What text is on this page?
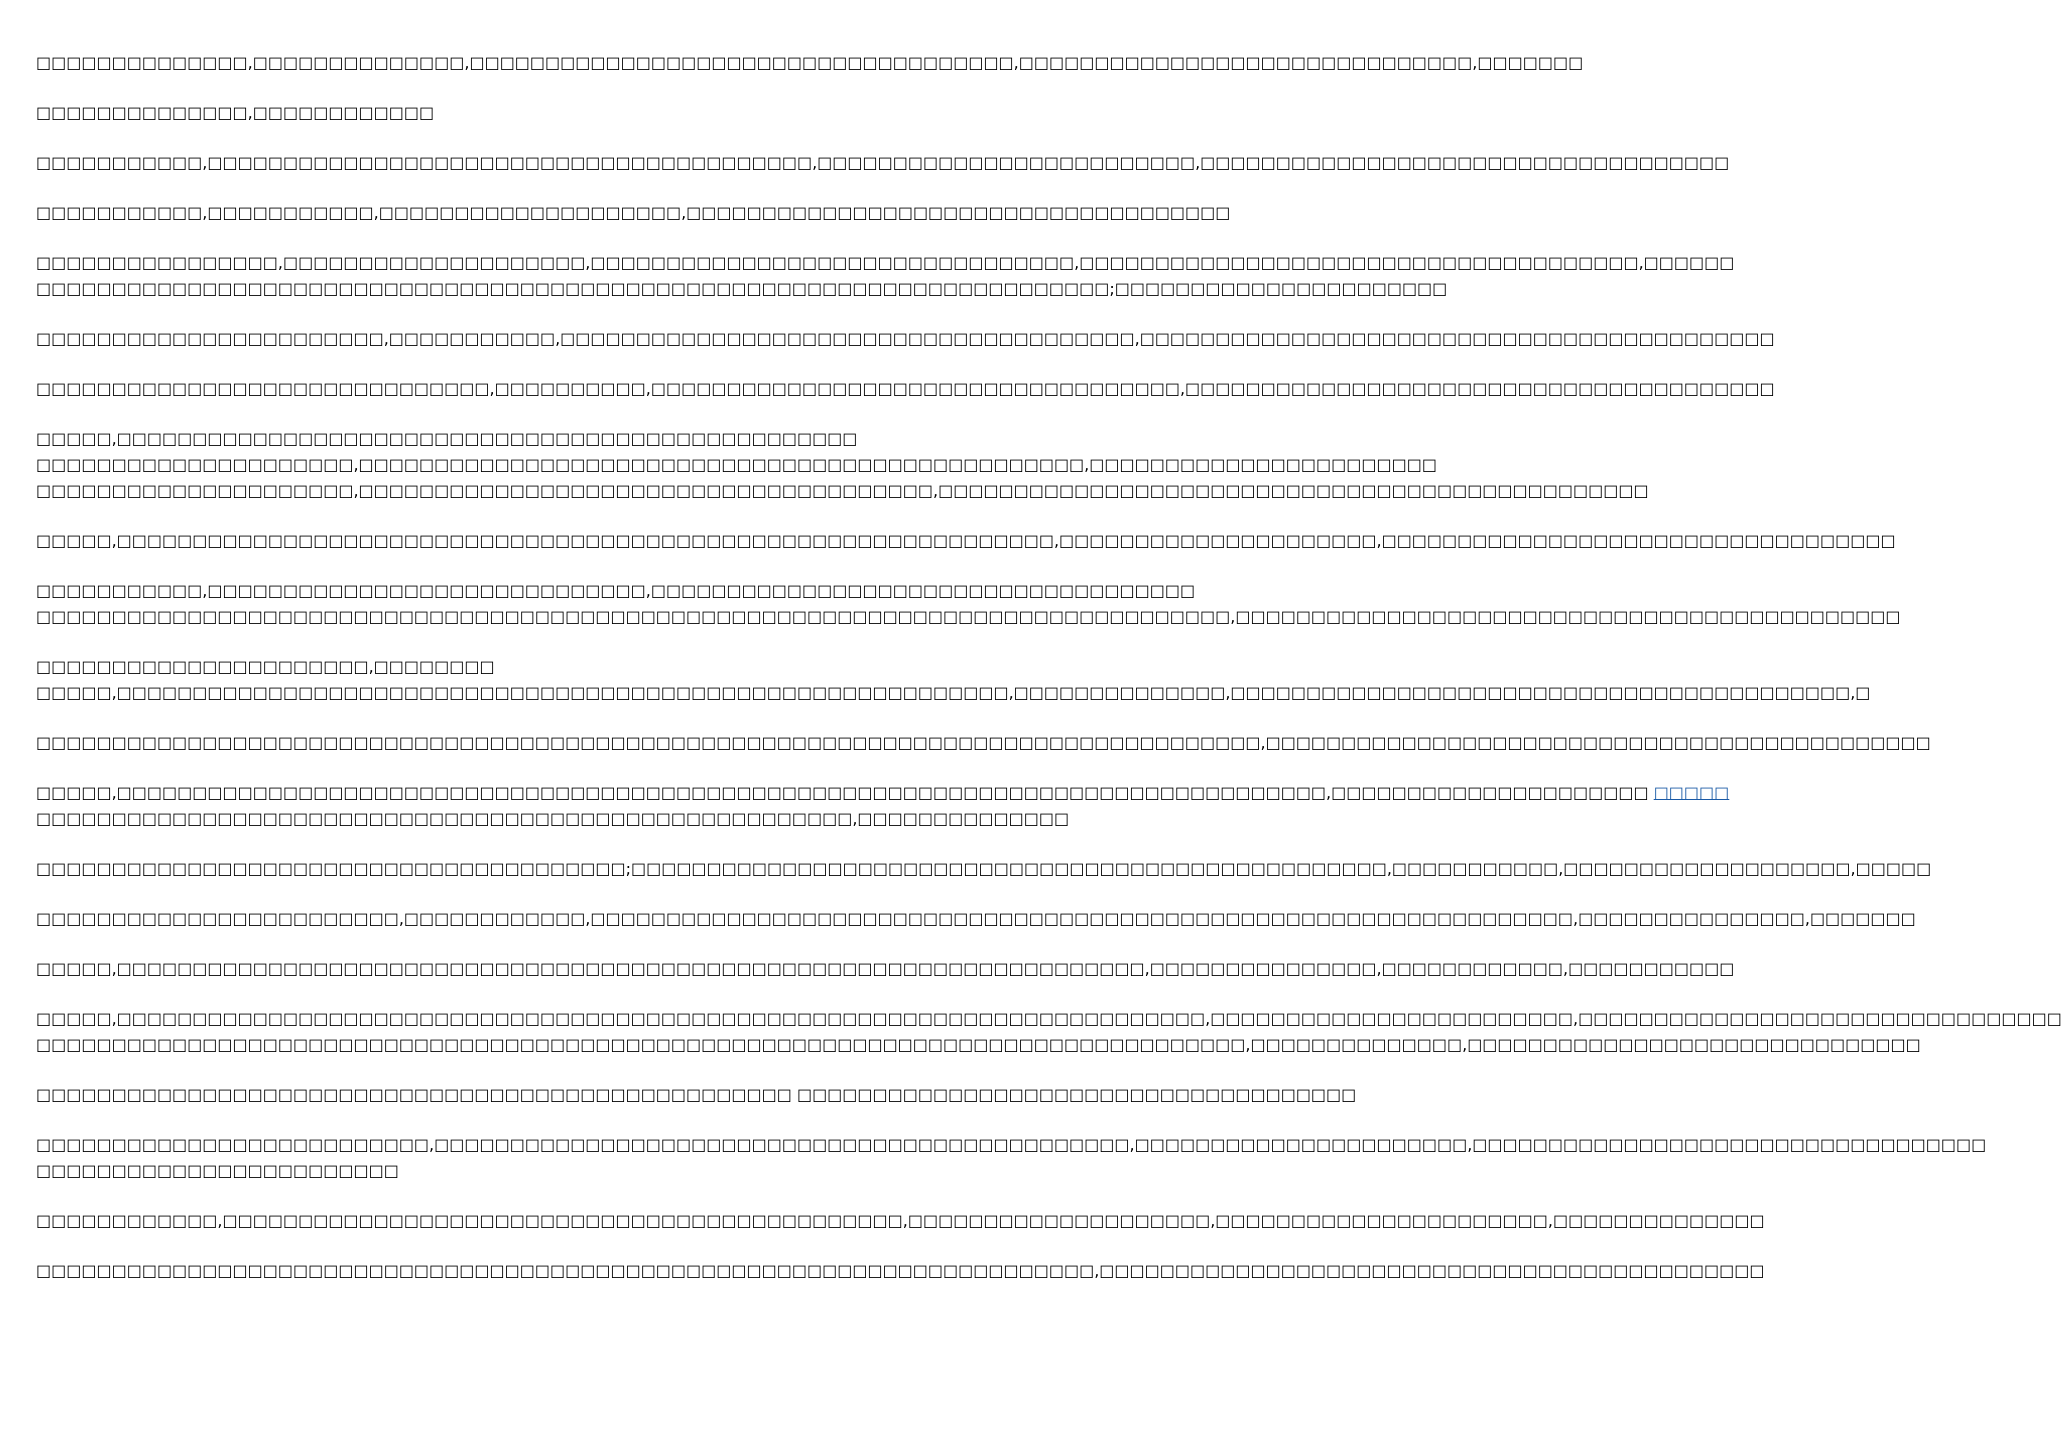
□□□□□□□□□□□□□□,□□□□□□□□□□□□□□,□□□□□□□□□□□□□□□□□□□□□□□□□□□□□□□□□□□□,□□□□□□□□□□□□□□□□□□□□□□□□□□□□□□,□□□□□□□
□□□□□□□□□□□□□□,□□□□□□□□□□□□
□□□□□□□□□□□,□□□□□□□□□□□□□□□□□□□□□□□□□□□□□□□□□□□□□□□□,□□□□□□□□□□□□□□□□□□□□□□□□□,□□□□□□□□□□□□□□□□□□□□□□□□□□□□□□□□□□□
□□□□□□□□□□□,□□□□□□□□□□□,□□□□□□□□□□□□□□□□□□□□,□□□□□□□□□□□□□□□□□□□□□□□□□□□□□□□□□□□□
□□□□□□□□□□□□□□□□,□□□□□□□□□□□□□□□□□□□□,□□□□□□□□□□□□□□□□□□□□□□□□□□□□□□□□,□□□□□□□□□□□□□□□□□□□□□□□□□□□□□□□□□□□□□,□□□□□□
□□□□□□□□□□□□□□□□□□□□□□□□□□□□□□□□□□□□□□□□□□□□□□□□□□□□□□□□□□□□□□□□□□□□□□□;□□□□□□□□□□□□□□□□□□□□□□
□□□□□□□□□□□□□□□□□□□□□□□,□□□□□□□□□□□,□□□□□□□□□□□□□□□□□□□□□□□□□□□□□□□□□□□□□□,□□□□□□□□□□□□□□□□□□□□□□□□□□□□□□□□□□□□□□□□□□
□□□□□□□□□□□□□□□□□□□□□□□□□□□□□□,□□□□□□□□□□,□□□□□□□□□□□□□□□□□□□□□□□□□□□□□□□□□□□,□□□□□□□□□□□□□□□□□□□□□□□□□□□□□□□□□□□□□□□
□□□□□,□□□□□□□□□□□□□□□□□□□□□□□□□□□□□□□□□□□□□□□□□□□□□□□□□
□□□□□□□□□□□□□□□□□□□□□,□□□□□□□□□□□□□□□□□□□□□□□□□□□□□□□□□□□□□□□□□□□□□□□□,□□□□□□□□□□□□□□□□□□□□□□□
□□□□□□□□□□□□□□□□□□□□□,□□□□□□□□□□□□□□□□□□□□□□□□□□□□□□□□□□□□□□,□□□□□□□□□□□□□□□□□□□□□□□□□□□□□□□□□□□□□□□□□□□□□□□
□□□□□,□□□□□□□□□□□□□□□□□□□□□□□□□□□□□□□□□□□□□□□□□□□□□□□□□□□□□□□□□□□□□□,□□□□□□□□□□□□□□□□□□□□□,□□□□□□□□□□□□□□□□□□□□□□□□□□□□□□□□□□
□□□□□□□□□□□,□□□□□□□□□□□□□□□□□□□□□□□□□□□□□,□□□□□□□□□□□□□□□□□□□□□□□□□□□□□□□□□□□□
□□□□□□□□□□□□□□□□□□□□□□□□□□□□□□□□□□□□□□□□□□□□□□□□□□□□□□□□□□□□□□□□□□□□□□□□□□□□□□□,□□□□□□□□□□□□□□□□□□□□□□□□□□□□□□□□□□□□□□□□□□□□
□□□□□□□□□□□□□□□□□□□□□□,□□□□□□□□
□□□□□,□□□□□□□□□□□□□□□□□□□□□□□□□□□□□□□□□□□□□□□□□□□□□□□□□□□□□□□□□□□,□□□□□□□□□□□□□□,□□□□□□□□□□□□□□□□□□□□□□□□□□□□□□□□□□□□□□□□□,□
□□□□□□□□□□□□□□□□□□□□□□□□□□□□□□□□□□□□□□□□□□□□□□□□□□□□□□□□□□□□□□□□□□□□□□□□□□□□□□□□□,□□□□□□□□□□□□□□□□□□□□□□□□□□□□□□□□□□□□□□□□□□□□
□□□□□,□□□□□□□□□□□□□□□□□□□□□□□□□□□□□□□□□□□□□□□□□□□□□□□□□□□□□□□□□□□□□□□□□□□□□□□□□□□□□□□□,□□□□□□□□□□□□□□□□□□□□□ □□□□□
□□□□□□□□□□□□□□□□□□□□□□□□□□□□□□□□□□□□□□□□□□□□□□□□□□□□□□,□□□□□□□□□□□□□□
□□□□□□□□□□□□□□□□□□□□□□□□□□□□□□□□□□□□□□□;□□□□□□□□□□□□□□□□□□□□□□□□□□□□□□□□□□□□□□□□□□□□□□□□□□,□□□□□□□□□□□,□□□□□□□□□□□□□□□□□□□,□□□□□
□□□□□□□□□□□□□□□□□□□□□□□□,□□□□□□□□□□□□,□□□□□□□□□□□□□□□□□□□□□□□□□□□□□□□□□□□□□□□□□□□□□□□□□□□□□□□□□□□□□□□□□,□□□□□□□□□□□□□□□,□□□□□□□
□□□□□,□□□□□□□□□□□□□□□□□□□□□□□□□□□□□□□□□□□□□□□□□□□□□□□□□□□□□□□□□□□□□□□□□□□□,□□□□□□□□□□□□□□□,□□□□□□□□□□□□,□□□□□□□□□□□
□□□□□,□□□□□□□□□□□□□□□□□□□□□□□□□□□□□□□□□□□□□□□□□□□□□□□□□□□□□□□□□□□□□□□□□□□□□□□□,□□□□□□□□□□□□□□□□□□□□□□□□,□□□□□□□□□□□□□□□□□□□□□□□□□□□□□□□□
□□□□□□□□□□□□□□□□□□□□□□□□□□□□□□□□□□□□□□□□□□□□□□□□□□□□□□□□□□□□□□□□□□□□□□□□□□□□□□□□,□□□□□□□□□□□□□□,□□□□□□□□□□□□□□□□□□□□□□□□□□□□□□
□□□□□□□□□□□□□□□□□□□□□□□□□□□□□□□□□□□□□□□□□□□□□□□□□□ □□□□□□□□□□□□□□□□□□□□□□□□□□□□□□□□□□□□□
□□□□□□□□□□□□□□□□□□□□□□□□□□,□□□□□□□□□□□□□□□□□□□□□□□□□□□□□□□□□□□□□□□□□□□□□□,□□□□□□□□□□□□□□□□□□□□□□,□□□□□□□□□□□□□□□□□□□□□□□□□□□□□□□□□□
□□□□□□□□□□□□□□□□□□□□□□□□
□□□□□□□□□□□□,□□□□□□□□□□□□□□□□□□□□□□□□□□□□□□□□□□□□□□□□□□□□□,□□□□□□□□□□□□□□□□□□□□,□□□□□□□□□□□□□□□□□□□□□□,□□□□□□□□□□□□□□
□□□□□□□□□□□□□□□□□□□□□□□□□□□□□□□□□□□□□□□□□□□□□□□□□□□□□□□□□□□□□□□□□□□□□□,□□□□□□□□□□□□□□□□□□□□□□□□□□□□□□□□□□□□□□□□□□□□
